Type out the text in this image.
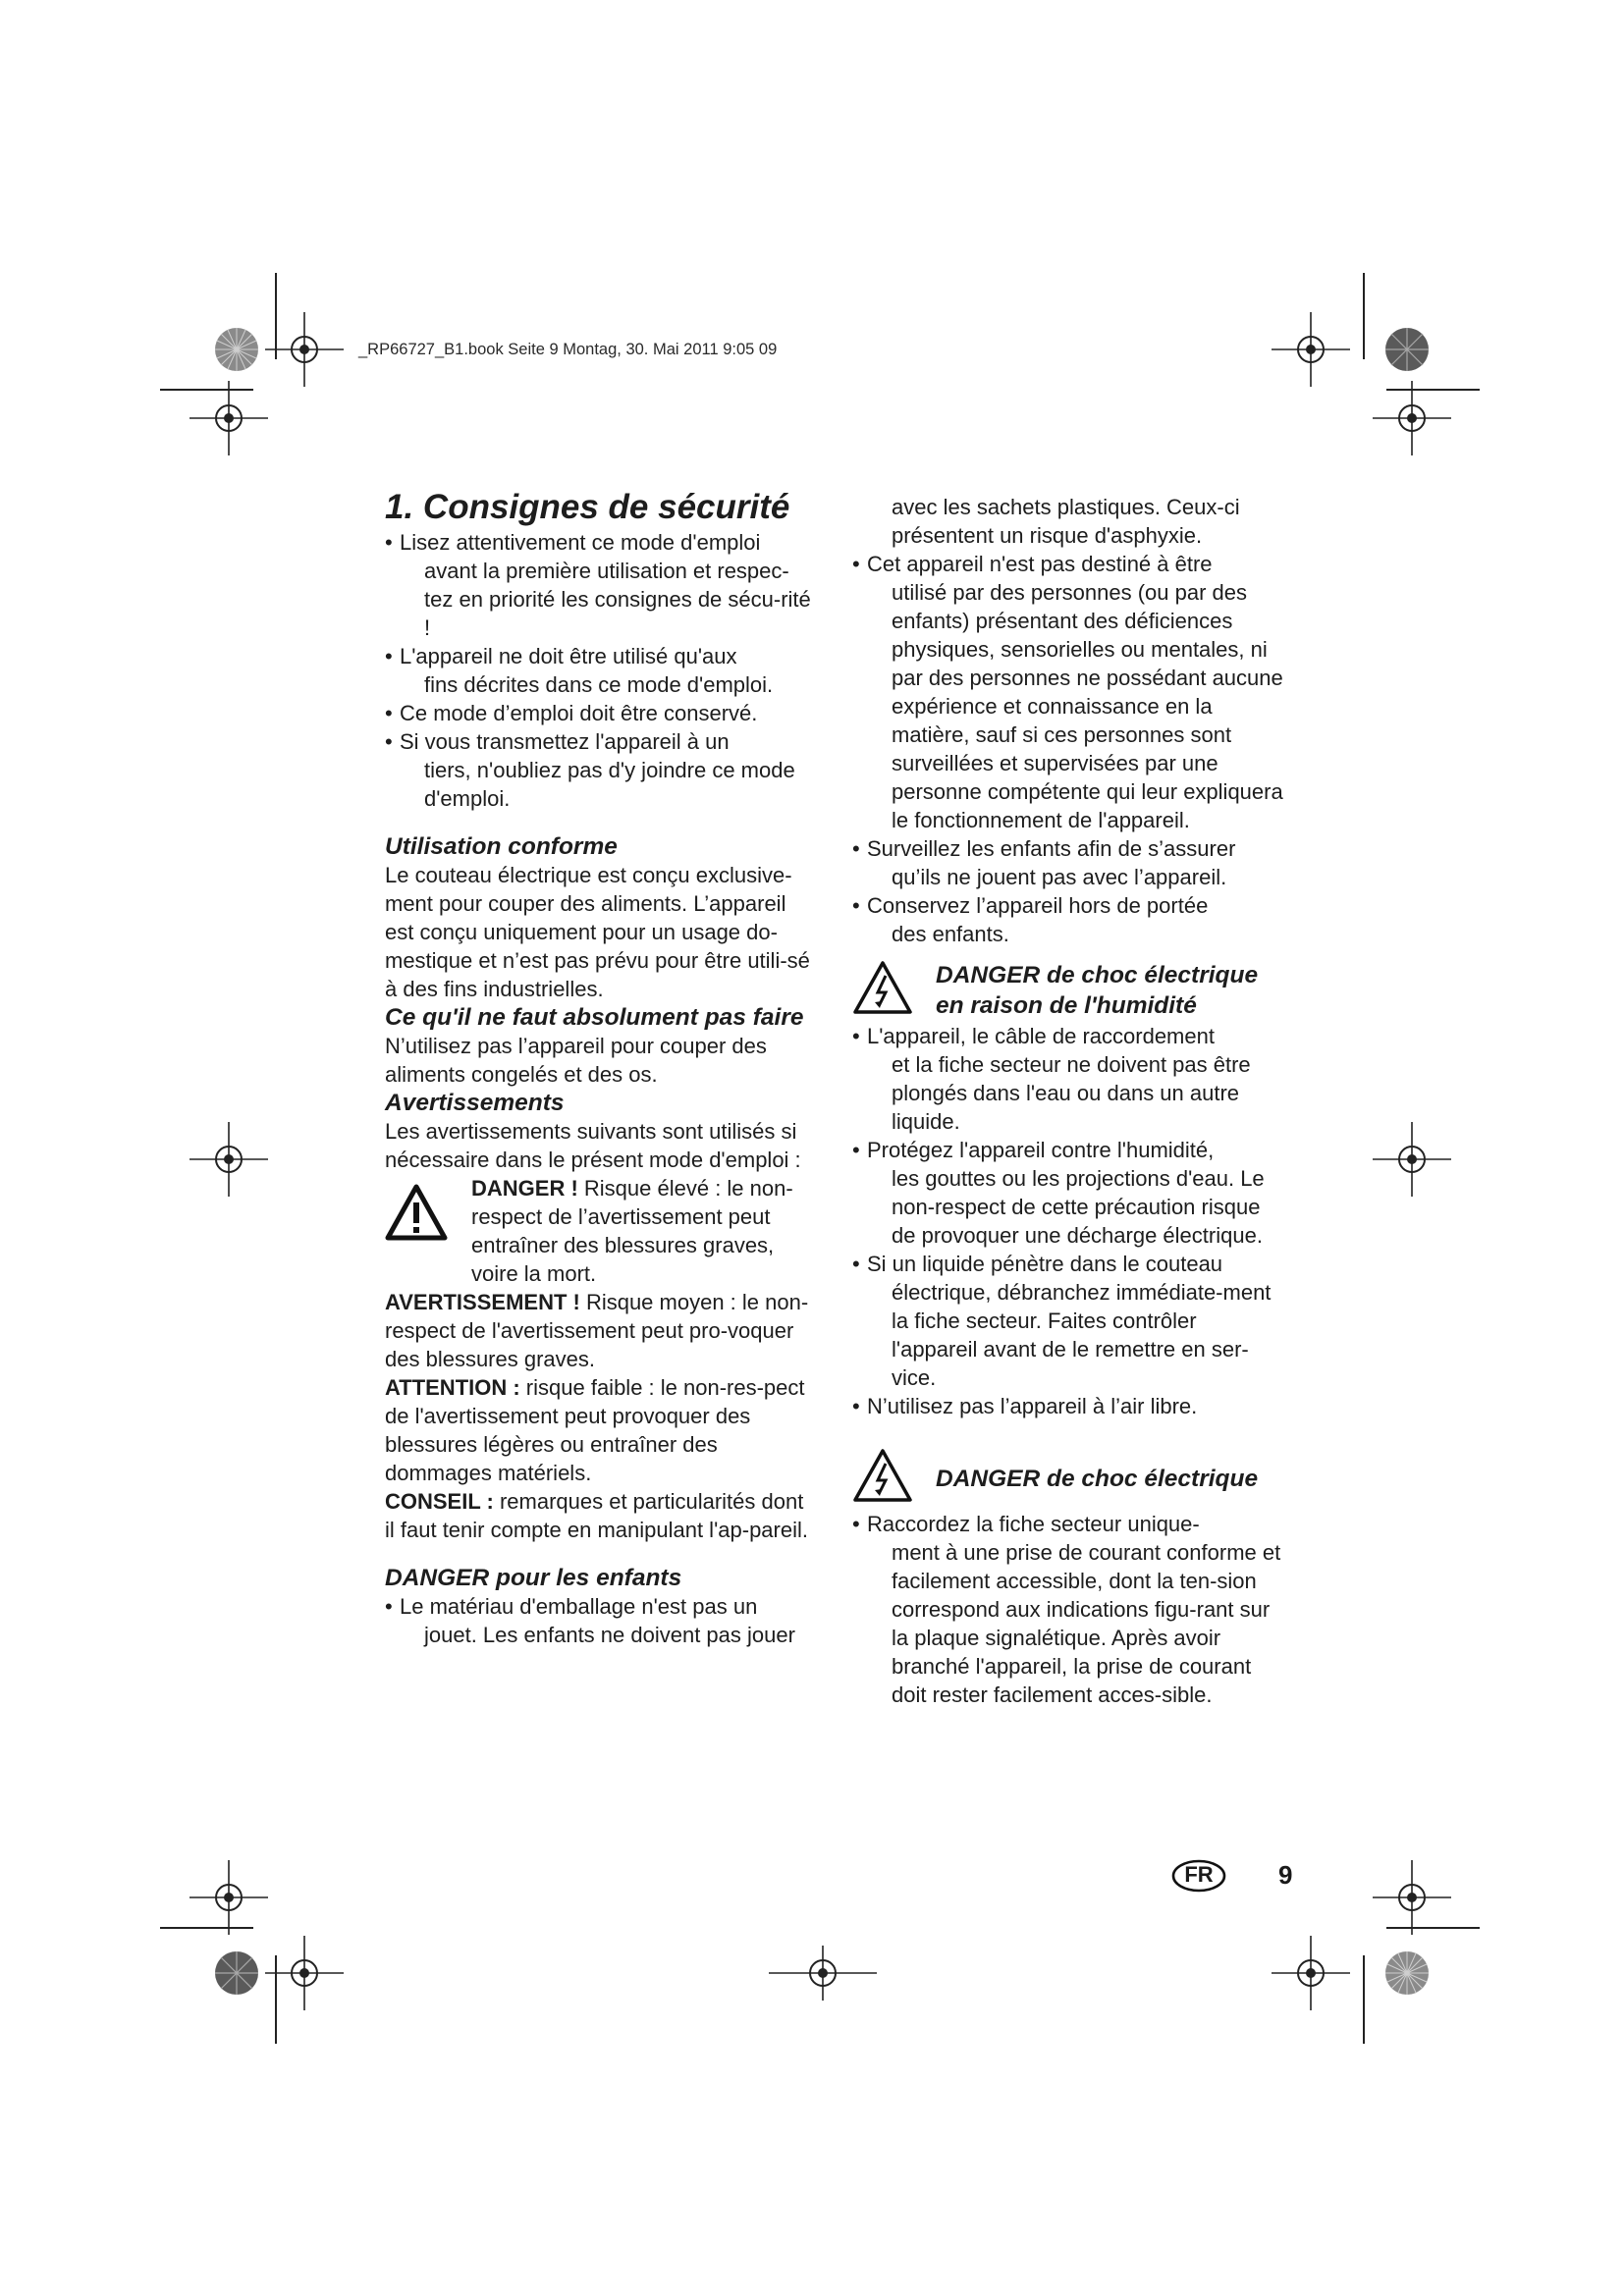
_RP66727_B1.book Seite 9 Montag, 30. Mai 2011 9:05 09

1. Consignes de sécurité

• Lisez attentivement ce mode d'emploi
avant la première utilisation et respec-tez en priorité les consignes de sécu-rité !

• L'appareil ne doit être utilisé qu'aux
fins décrites dans ce mode d'emploi.

• Ce mode d’emploi doit être conservé.

• Si vous transmettez l'appareil à un
tiers, n'oubliez pas d'y joindre ce mode d'emploi.

Utilisation conforme

Le couteau électrique est conçu exclusive-ment pour couper des aliments. L’appareil est conçu uniquement pour un usage do-mestique et n’est pas prévu pour être utili-sé à des fins industrielles.

Ce qu'il ne faut absolument pas faire

N’utilisez pas l’appareil pour couper des aliments congelés et des os.

Avertissements

Les avertissements suivants sont utilisés si nécessaire dans le présent mode d'emploi :

DANGER ! Risque élevé : le non-respect de l’avertissement peut entraîner des blessures graves, voire la mort.

AVERTISSEMENT ! Risque moyen : le non-respect de l'avertissement peut pro-voquer des blessures graves.

ATTENTION : risque faible : le non-res-pect de l'avertissement peut provoquer des blessures légères ou entraîner des dommages matériels.

CONSEIL : remarques et particularités dont il faut tenir compte en manipulant l'ap-pareil.

DANGER pour les enfants

• Le matériau d'emballage n'est pas un
jouet. Les enfants ne doivent pas jouer

avec les sachets plastiques. Ceux-ci présentent un risque d'asphyxie.

• Cet appareil n'est pas destiné à être
utilisé par des personnes (ou par des enfants) présentant des déficiences physiques, sensorielles ou mentales, ni par des personnes ne possédant aucune expérience et connaissance en la matière, sauf si ces personnes sont surveillées et supervisées par une personne compétente qui leur expliquera le fonctionnement de l'appareil.

• Surveillez les enfants afin de s’assurer
qu’ils ne jouent pas avec l’appareil.

• Conservez l’appareil hors de portée
des enfants.

DANGER de choc électrique en raison de l'humidité

• L'appareil, le câble de raccordement
et la fiche secteur ne doivent pas être plongés dans l'eau ou dans un autre liquide.

• Protégez l'appareil contre l'humidité,
les gouttes ou les projections d'eau. Le non-respect de cette précaution risque de provoquer une décharge électrique.

• Si un liquide pénètre dans le couteau
électrique, débranchez immédiate-ment la fiche secteur. Faites contrôler l'appareil avant de le remettre en ser-vice.

• N’utilisez pas l’appareil à l’air libre.

DANGER de choc électrique

• Raccordez la fiche secteur unique-
ment à une prise de courant conforme et facilement accessible, dont la ten-sion correspond aux indications figu-rant sur la plaque signalétique. Après avoir branché l'appareil, la prise de courant doit rester facilement acces-sible.

FR	9
